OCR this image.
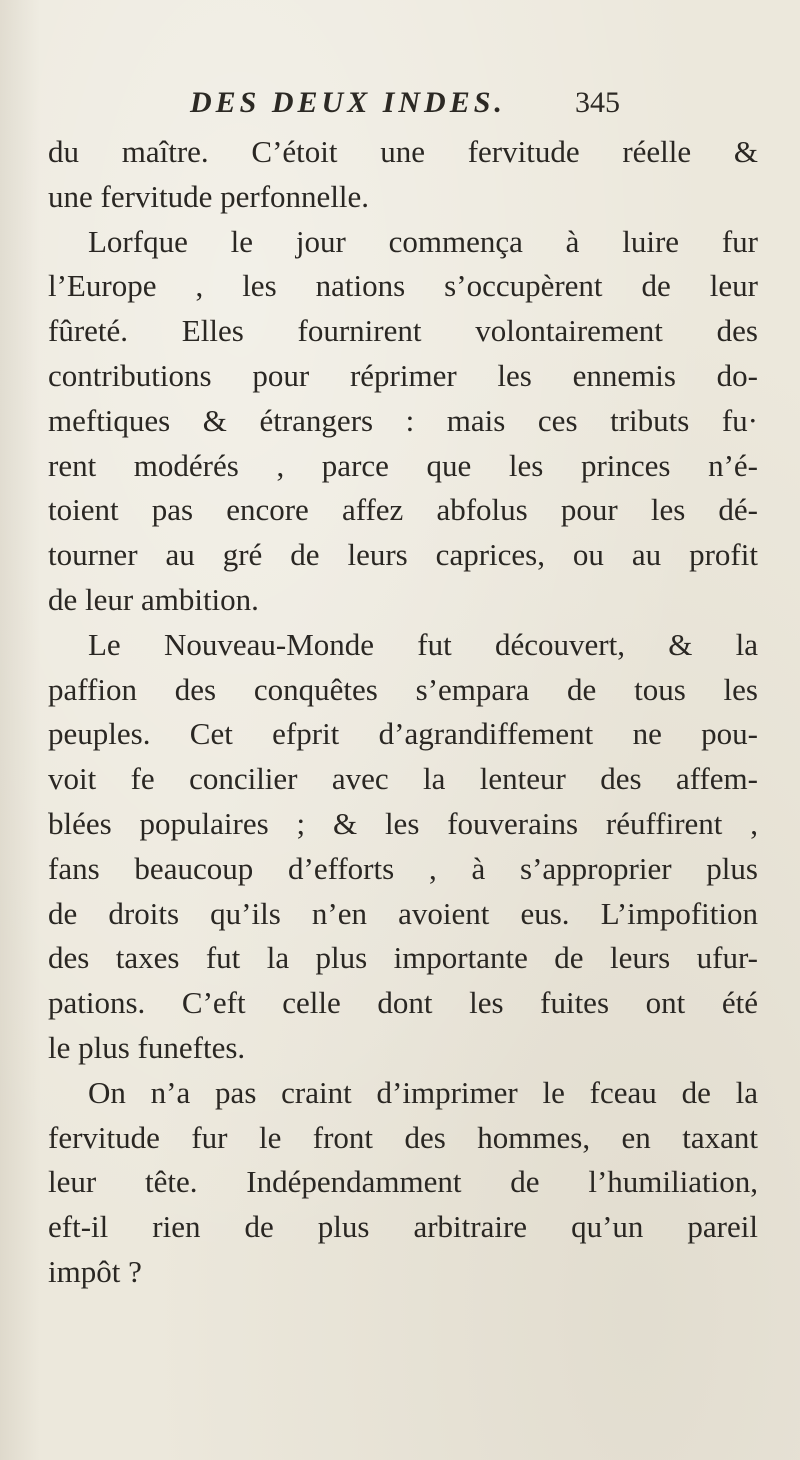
DES DEUX INDES. 345
du maître. C’étoit une fervitude réelle &
une fervitude perfonnelle.
Lorfque le jour commença à luire fur
l’Europe , les nations s’occupèrent de leur
fûreté. Elles fournirent volontairement des
contributions pour réprimer les ennemis do-
meftiques & étrangers : mais ces tributs fu·
rent modérés , parce que les princes n’é-
toient pas encore affez abfolus pour les dé-
tourner au gré de leurs caprices, ou au profit
de leur ambition.
Le Nouveau-Monde fut découvert, & la
paffion des conquêtes s’empara de tous les
peuples. Cet efprit d’agrandiffement ne pou-
voit fe concilier avec la lenteur des affem-
blées populaires ; & les fouverains réuffirent ,
fans beaucoup d’efforts , à s’approprier plus
de droits qu’ils n’en avoient eus. L’impofition
des taxes fut la plus importante de leurs ufur-
pations. C’eft celle dont les fuites ont été
le plus funeftes.
On n’a pas craint d’imprimer le fceau de la
fervitude fur le front des hommes, en taxant
leur tête. Indépendamment de l’humiliation,
eft-il rien de plus arbitraire qu’un pareil
impôt ?
